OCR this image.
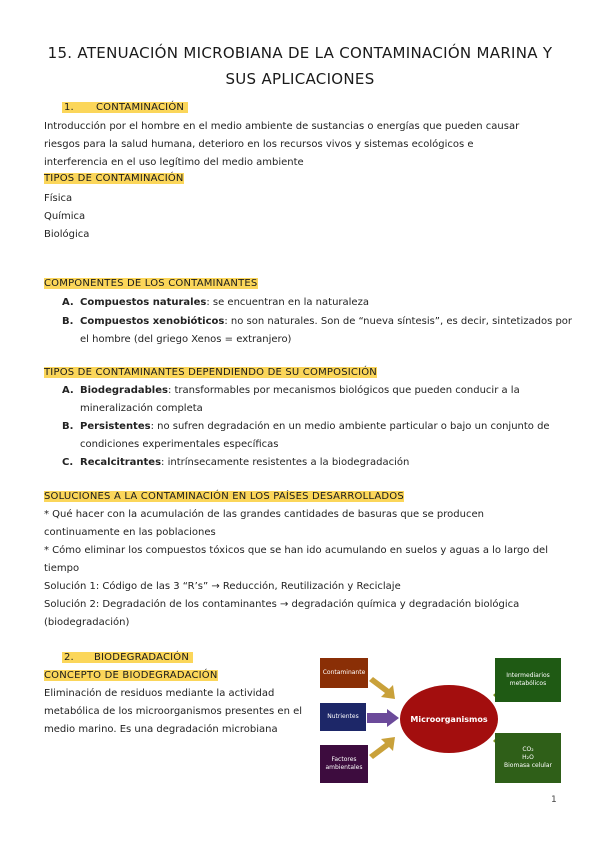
15. ATENUACIÓN MICROBIANA DE LA CONTAMINACIÓN MARINA Y
SUS APLICACIONES
1. CONTAMINACIÓN
Introducción por el hombre en el medio ambiente de sustancias o energías que pueden causar
riesgos para la salud humana, deterioro en los recursos vivos y sistemas ecológicos e
interferencia en el uso legítimo del medio ambiente
TIPOS DE CONTAMINACIÓN
Física
Química
Biológica
COMPONENTES DE LOS CONTAMINANTES
A. Compuestos naturales: se encuentran en la naturaleza
B. Compuestos xenobióticos: no son naturales. Son de “nueva síntesis”, es decir, sintetizados por
el hombre (del griego Xenos = extranjero)
TIPOS DE CONTAMINANTES DEPENDIENDO DE SU COMPOSICIÓN
A. Biodegradables: transformables por mecanismos biológicos que pueden conducir a la
mineralización completa
B. Persistentes: no sufren degradación en un medio ambiente particular o bajo un conjunto de
condiciones experimentales específicas
C. Recalcitrantes: intrínsecamente resistentes a la biodegradación
SOLUCIONES A LA CONTAMINACIÓN EN LOS PAÍSES DESARROLLADOS
* Qué hacer con la acumulación de las grandes cantidades de basuras que se producen
continuamente en las poblaciones
* Cómo eliminar los compuestos tóxicos que se han ido acumulando en suelos y aguas a lo largo del
tiempo
Solución 1: Código de las 3 “R’s” → Reducción, Reutilización y Reciclaje
Solución 2: Degradación de los contaminantes → degradación química y degradación biológica
(biodegradación)
2. BIODEGRADACIÓN
CONCEPTO DE BIODEGRADACIÓN
Eliminación de residuos mediante la actividad
metabólica de los microorganismos presentes en el
medio marino. Es una degradación microbiana
Contaminante
Nutrientes
Factores
ambientales
Microorganismos
Intermediarios
metabólicos
CO₂
H₂O
Biomasa celular
1
